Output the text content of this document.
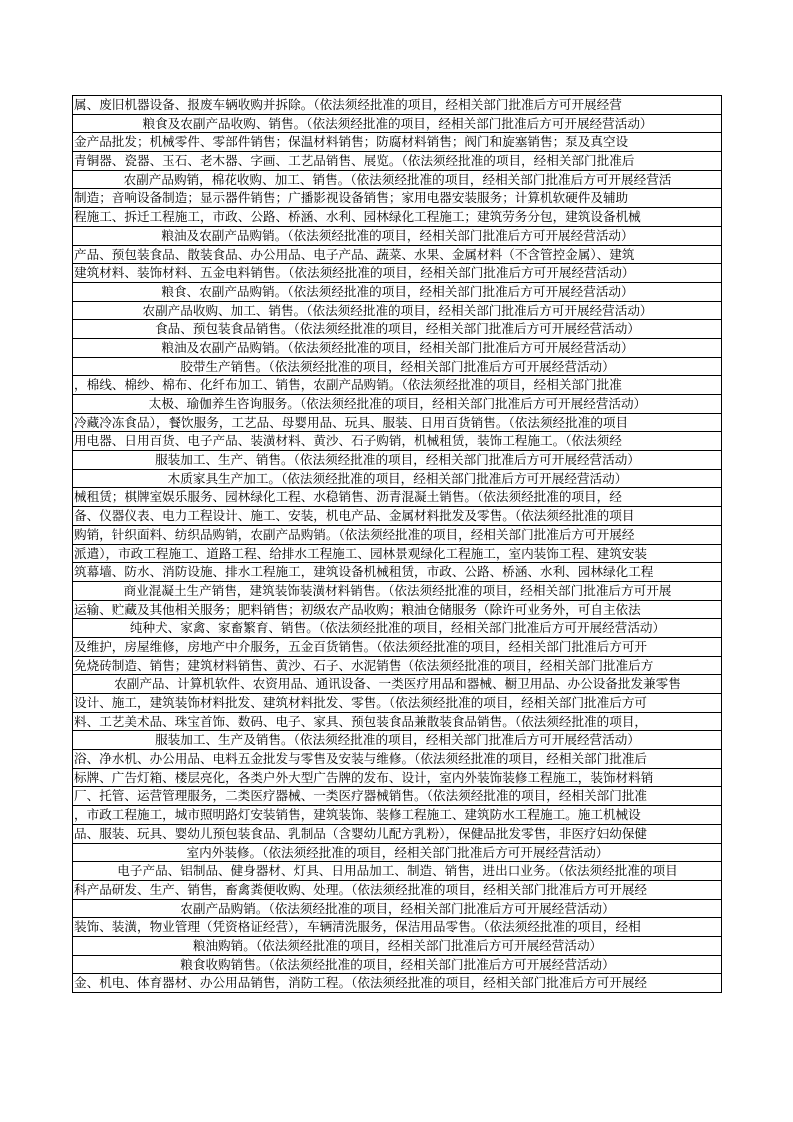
属、废旧机器设备、报废车辆收购并拆除。（依法须经批准的项目，经相关部门批准后方可开展经营
粮食及农副产品收购、销售。（依法须经批准的项目，经相关部门批准后方可开展经营活动）
金产品批发；机械零件、零部件销售；保温材料销售；防腐材料销售；阀门和旋塞销售；泵及真空设
青铜器、瓷器、玉石、老木器、字画、工艺品销售、展览。（依法须经批准的项目，经相关部门批准后
农副产品购销，棉花收购、加工、销售。（依法须经批准的项目，经相关部门批准后方可开展经营活
制造；音响设备制造；显示器件销售；广播影视设备销售；家用电器安装服务；计算机软硬件及辅助
程施工、拆迁工程施工，市政、公路、桥涵、水利、园林绿化工程施工；建筑劳务分包，建筑设备机械
粮油及农副产品购销。（依法须经批准的项目，经相关部门批准后方可开展经营活动）
产品、预包装食品、散装食品、办公用品、电子产品、蔬菜、水果、金属材料（不含管控金属）、建筑
建筑材料、装饰材料、五金电料销售。（依法须经批准的项目，经相关部门批准后方可开展经营活动）
粮食、农副产品购销。（依法须经批准的项目，经相关部门批准后方可开展经营活动）
农副产品收购、加工、销售。（依法须经批准的项目，经相关部门批准后方可开展经营活动）
食品、预包装食品销售。（依法须经批准的项目，经相关部门批准后方可开展经营活动）
粮油及农副产品购销。（依法须经批准的项目，经相关部门批准后方可开展经营活动）
胶带生产销售。（依法须经批准的项目，经相关部门批准后方可开展经营活动）
，棉线、棉纱、棉布、化纤布加工、销售，农副产品购销。（依法须经批准的项目，经相关部门批准
太极、瑜伽养生咨询服务。（依法须经批准的项目，经相关部门批准后方可开展经营活动）
冷藏冷冻食品），餐饮服务，工艺品、母婴用品、玩具、服装、日用百货销售。（依法须经批准的项目
用电器、日用百货、电子产品、装潢材料、黄沙、石子购销，机械租赁，装饰工程施工。（依法须经
服装加工、生产、销售。（依法须经批准的项目，经相关部门批准后方可开展经营活动）
木质家具生产加工。（依法须经批准的项目，经相关部门批准后方可开展经营活动）
械租赁；棋牌室娱乐服务、园林绿化工程、水稳销售、沥青混凝土销售。（依法须经批准的项目，经
备、仪器仪表、电力工程设计、施工、安装，机电产品、金属材料批发及零售。（依法须经批准的项目
购销，针织面料、纺织品购销，农副产品购销。（依法须经批准的项目，经相关部门批准后方可开展经
派遣），市政工程施工、道路工程、给排水工程施工、园林景观绿化工程施工，室内装饰工程、建筑安装
筑幕墙、防水、消防设施、排水工程施工，建筑设备机械租赁，市政、公路、桥涵、水利、园林绿化工程
商业混凝土生产销售，建筑装饰装潢材料销售。（依法须经批准的项目，经相关部门批准后方可开展
运输、贮藏及其他相关服务；肥料销售；初级农产品收购；粮油仓储服务（除许可业务外，可自主依法
纯种犬、家禽、家畜繁育、销售。（依法须经批准的项目，经相关部门批准后方可开展经营活动）
及维护，房屋维修，房地产中介服务，五金百货销售。（依法须经批准的项目，经相关部门批准后方可开
免烧砖制造、销售；建筑材料销售、黄沙、石子、水泥销售（依法须经批准的项目，经相关部门批准后方
农副产品、计算机软件、农资用品、通讯设备、一类医疗用品和器械、橱卫用品、办公设备批发兼零售
设计、施工，建筑装饰材料批发、建筑材料批发、零售。（依法须经批准的项目，经相关部门批准后方可
料、工艺美术品、珠宝首饰、数码、电子、家具、预包装食品兼散装食品销售。（依法须经批准的项目，
服装加工、生产及销售。（依法须经批准的项目，经相关部门批准后方可开展经营活动）
浴、净水机、办公用品、电料五金批发与零售及安装与维修。（依法须经批准的项目，经相关部门批准后
标牌、广告灯箱、楼层亮化，各类户外大型广告牌的发布、设计，室内外装饰装修工程施工，装饰材料销
厂、托管、运营管理服务，二类医疗器械、一类医疗器械销售。（依法须经批准的项目，经相关部门批准
，市政工程施工，城市照明路灯安装销售，建筑装饰、装修工程施工、建筑防水工程施工。施工机械设
品、服装、玩具、婴幼儿预包装食品、乳制品（含婴幼儿配方乳粉），保健品批发零售，非医疗妇幼保健
室内外装修。（依法须经批准的项目，经相关部门批准后方可开展经营活动）
电子产品、铝制品、健身器材、灯具、日用品加工、制造、销售，进出口业务。（依法须经批准的项目
科产品研发、生产、销售，畜禽粪便收购、处理。（依法须经批准的项目，经相关部门批准后方可开展经
农副产品购销。（依法须经批准的项目，经相关部门批准后方可开展经营活动）
装饰、装潢，物业管理（凭资格证经营），车辆清洗服务，保洁用品零售。（依法须经批准的项目，经相
粮油购销。（依法须经批准的项目，经相关部门批准后方可开展经营活动）
粮食收购销售。（依法须经批准的项目，经相关部门批准后方可开展经营活动）
金、机电、体育器材、办公用品销售，消防工程。（依法须经批准的项目，经相关部门批准后方可开展经
